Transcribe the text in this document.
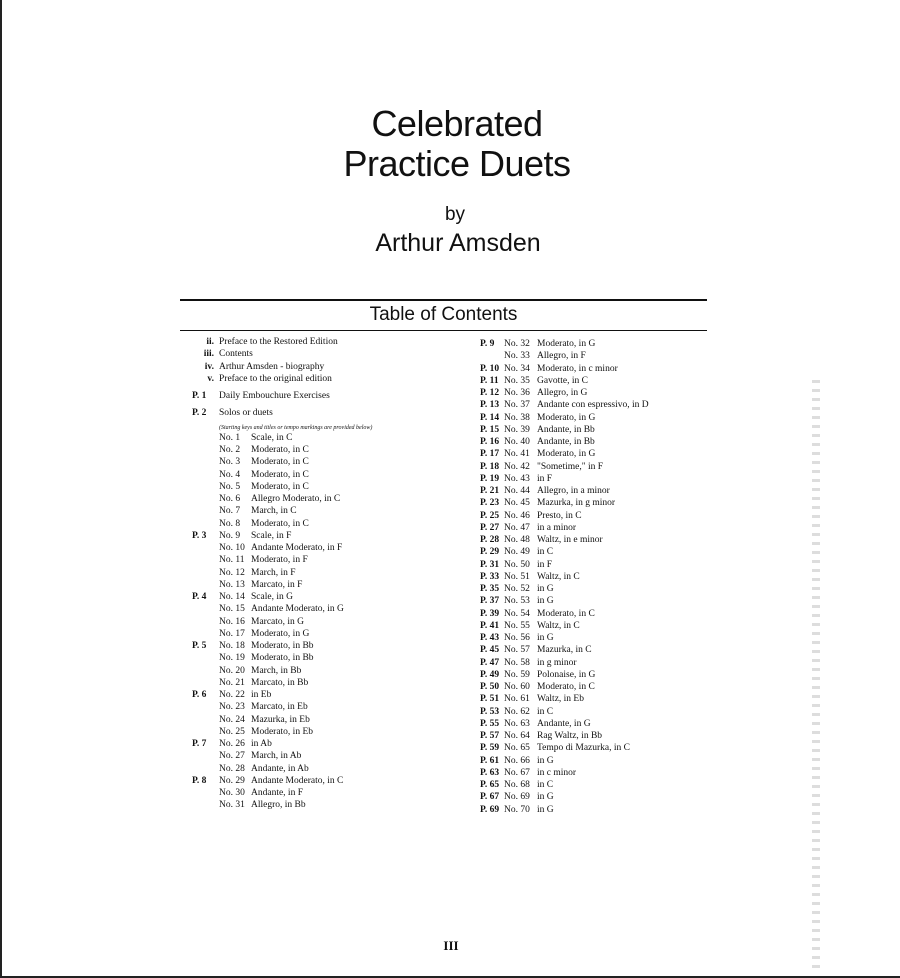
Celebrated
Practice Duets
by
Arthur Amsden
Table of Contents
ii. Preface to the Restored Edition
iii. Contents
iv. Arthur Amsden - biography
v. Preface to the original edition
P. 1 Daily Embouchure Exercises
P. 2 Solos or duets
(Starting keys and titles or tempo markings are provided below)
No. 1 Scale, in C
No. 2 Moderato, in C
No. 3 Moderato, in C
No. 4 Moderato, in C
No. 5 Moderato, in C
No. 6 Allegro Moderato, in C
No. 7 March, in C
No. 8 Moderato, in C
P. 3 No. 9 Scale, in F
No. 10 Andante Moderato, in F
No. 11 Moderato, in F
No. 12 March, in F
No. 13 Marcato, in F
P. 4 No. 14 Scale, in G
No. 15 Andante Moderato, in G
No. 16 Marcato, in G
No. 17 Moderato, in G
P. 5 No. 18 Moderato, in Bb
No. 19 Moderato, in Bb
No. 20 March, in Bb
No. 21 Marcato, in Bb
P. 6 No. 22 in Eb
No. 23 Marcato, in Eb
No. 24 Mazurka, in Eb
No. 25 Moderato, in Eb
P. 7 No. 26 in Ab
No. 27 March, in Ab
No. 28 Andante, in Ab
P. 8 No. 29 Andante Moderato, in C
No. 30 Andante, in F
No. 31 Allegro, in Bb
P. 9 No. 32 Moderato, in G
No. 33 Allegro, in F
P. 10 No. 34 Moderato, in c minor
P. 11 No. 35 Gavotte, in C
P. 12 No. 36 Allegro, in G
P. 13 No. 37 Andante con espressivo, in D
P. 14 No. 38 Moderato, in G
P. 15 No. 39 Andante, in Bb
P. 16 No. 40 Andante, in Bb
P. 17 No. 41 Moderato, in G
P. 18 No. 42 "Sometime," in F
P. 19 No. 43 in F
P. 21 No. 44 Allegro, in a minor
P. 23 No. 45 Mazurka, in g minor
P. 25 No. 46 Presto, in C
P. 27 No. 47 in a minor
P. 28 No. 48 Waltz, in e minor
P. 29 No. 49 in C
P. 31 No. 50 in F
P. 33 No. 51 Waltz, in C
P. 35 No. 52 in G
P. 37 No. 53 in G
P. 39 No. 54 Moderato, in C
P. 41 No. 55 Waltz, in C
P. 43 No. 56 in G
P. 45 No. 57 Mazurka, in C
P. 47 No. 58 in g minor
P. 49 No. 59 Polonaise, in G
P. 50 No. 60 Moderato, in C
P. 51 No. 61 Waltz, in Eb
P. 53 No. 62 in C
P. 55 No. 63 Andante, in G
P. 57 No. 64 Rag Waltz, in Bb
P. 59 No. 65 Tempo di Mazurka, in C
P. 61 No. 66 in G
P. 63 No. 67 in c minor
P. 65 No. 68 in C
P. 67 No. 69 in G
P. 69 No. 70 in G
III
